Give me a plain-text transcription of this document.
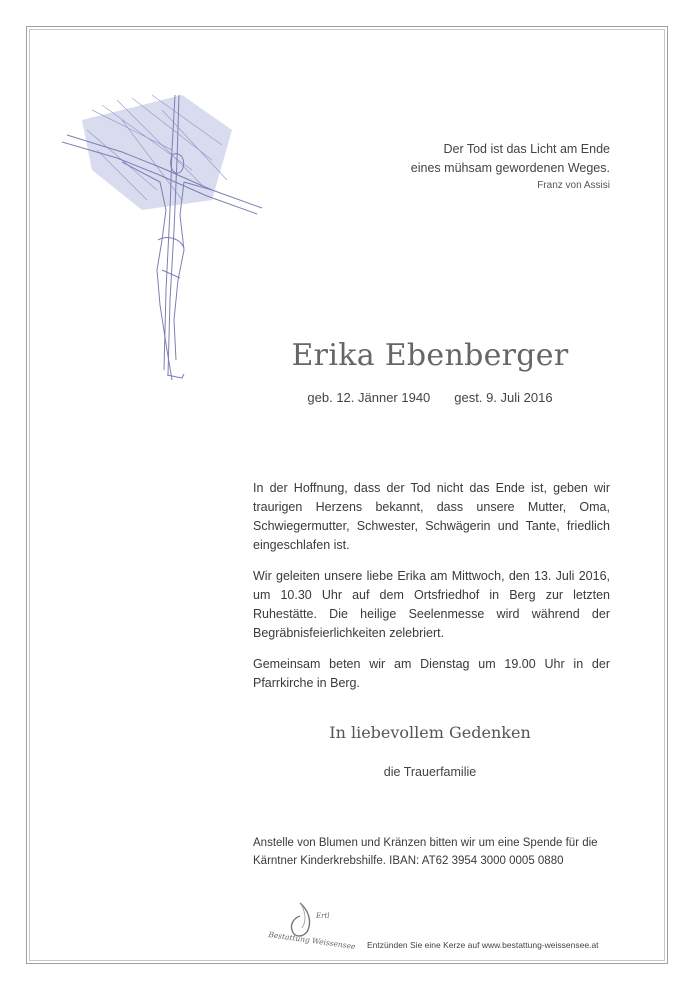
Der Tod ist das Licht am Ende
eines mühsam gewordenen Weges.
Franz von Assisi
Erika Ebenberger
geb. 12. Jänner 1940 gest. 9. Juli 2016

In der Hoffnung, dass der Tod nicht das Ende ist, geben wir traurigen Herzens bekannt, dass unsere Mutter, Oma, Schwiegermutter, Schwester, Schwägerin und Tante, friedlich eingeschlafen ist.

Wir geleiten unsere liebe Erika am Mittwoch, den 13. Juli 2016, um 10.30 Uhr auf dem Ortsfriedhof in Berg zur letzten Ruhestätte. Die heilige Seelenmesse wird während der Begräbnisfeierlichkeiten zelebriert.

Gemeinsam beten wir am Dienstag um 19.00 Uhr in der Pfarrkirche in Berg.

In liebevollem Gedenken
die Trauerfamilie
Anstelle von Blumen und Kränzen bitten wir um eine Spende für die
Kärntner Kinderkrebshilfe. IBAN: AT62 3954 3000 0005 0880
Ertl
Bestattung Weissensee Entzünden Sie eine Kerze auf www.bestattung-weissensee.at
